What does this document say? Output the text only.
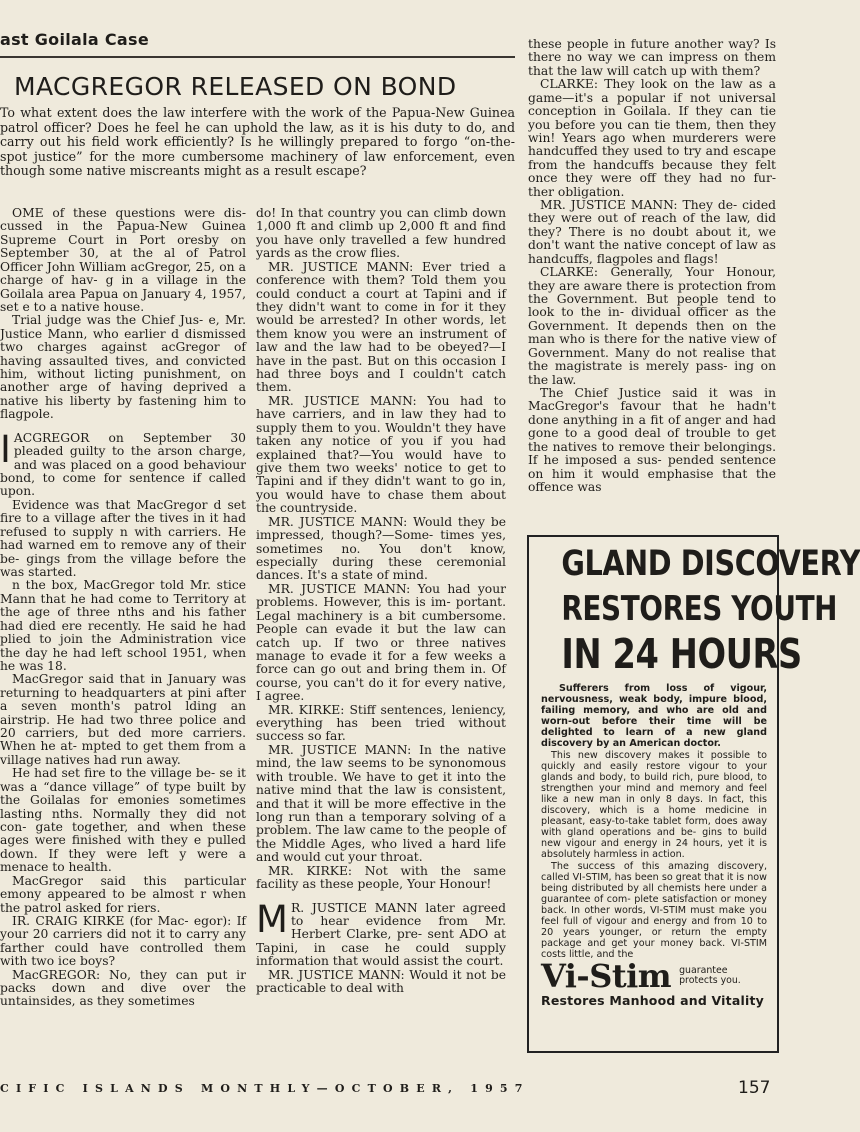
ast Goilala Case
MACGREGOR RELEASED ON BOND
To what extent does the law interfere with the work of the Papua-New Guinea patrol officer? Does he feel he can uphold the law, as it is his duty to do, and carry out his field work efficiently? Is he willingly prepared to forgo “on-the-spot justice” for the more cumbersome machinery of law enforcement, even though some native miscreants might as a result escape?

OME of these questions were dis- cussed in the Papua-New Guinea Supreme Court in Port oresby on September 30, at the al of Patrol Officer John William acGregor, 25, on a charge of hav- g in a village in the Goilala area Papua on January 4, 1957, set e to a native house.

Trial judge was the Chief Jus- e, Mr. Justice Mann, who earlier d dismissed two charges against acGregor of having assaulted tives, and convicted him, without licting punishment, on another arge of having deprived a native his liberty by fastening him to flagpole.

IACGREGOR on September 30 pleaded guilty to the arson charge, and was placed on a good behaviour bond, to come for sentence if called upon.

Evidence was that MacGregor d set fire to a village after the tives in it had refused to supply n with carriers. He had warned em to remove any of their be- gings from the village before the was started.

n the box, MacGregor told Mr. stice Mann that he had come to Territory at the age of three nths and his father had died ere recently. He said he had plied to join the Administration vice the day he had left school 1951, when he was 18.

MacGregor said that in January was returning to headquarters at pini after a seven month's patrol lding an airstrip. He had two three police and 20 carriers, but ded more carriers. When he at- mpted to get them from a village natives had run away.

He had set fire to the village be- se it was a “dance village” of type built by the Goilalas for emonies sometimes lasting nths. Normally they did not con- gate together, and when these ages were finished with they e pulled down. If they were left y were a menace to health.

MacGregor said this particular emony appeared to be almost r when the patrol asked for riers.

IR. CRAIG KIRKE (for Mac- egor): If your 20 carriers did not it to carry any farther could have controlled them with two ice boys?

MacGREGOR: No, they can put ir packs down and dive over the untainsides, as they sometimes

do! In that country you can climb down 1,000 ft and climb up 2,000 ft and find you have only travelled a few hundred yards as the crow flies.

MR. JUSTICE MANN: Ever tried a conference with them? Told them you could conduct a court at Tapini and if they didn't want to come in for it they would be arrested? In other words, let them know you were an instrument of law and the law had to be obeyed?—I have in the past. But on this occasion I had three boys and I couldn't catch them.

MR. JUSTICE MANN: You had to have carriers, and in law they had to supply them to you. Wouldn't they have taken any notice of you if you had explained that?—You would have to give them two weeks' notice to get to Tapini and if they didn't want to go in, you would have to chase them about the countryside.

MR. JUSTICE MANN: Would they be impressed, though?—Some- times yes, sometimes no. You don't know, especially during these ceremonial dances. It's a state of mind.

MR. JUSTICE MANN: You had your problems. However, this is im- portant. Legal machinery is a bit cumbersome. People can evade it but the law can catch up. If two or three natives manage to evade it for a few weeks a force can go out and bring them in. Of course, you can't do it for every native, I agree.

MR. KIRKE: Stiff sentences, leniency, everything has been tried without success so far.

MR. JUSTICE MANN: In the native mind, the law seems to be synonomous with trouble. We have to get it into the native mind that the law is consistent, and that it will be more effective in the long run than a temporary solving of a problem. The law came to the people of the Middle Ages, who lived a hard life and would cut your throat.

MR. KIRKE: Not with the same facility as these people, Your Honour!

M R. JUSTICE MANN later agreed to hear evidence from Mr. Herbert Clarke, pre- sent ADO at Tapini, in case he could supply information that would assist the court.

MR. JUSTICE MANN: Would it not be practicable to deal with

these people in future another way? Is there no way we can impress on them that the law will catch up with them?

CLARKE: They look on the law as a game—it's a popular if not universal conception in Goilala. If they can tie you before you can tie them, then they win! Years ago when murderers were handcuffed they used to try and escape from the handcuffs because they felt once they were off they had no fur- ther obligation.

MR. JUSTICE MANN: They de- cided they were out of reach of the law, did they? There is no doubt about it, we don't want the native concept of law as handcuffs, flagpoles and flags!

CLARKE: Generally, Your Honour, they are aware there is protection from the Government. But people tend to look to the in- dividual officer as the Government. It depends then on the man who is there for the native view of Government. Many do not realise that the magistrate is merely pass- ing on the law.

The Chief Justice said it was in MacGregor's favour that he hadn't done anything in a fit of anger and had gone to a good deal of trouble to get the natives to remove their belongings. If he imposed a sus- pended sentence on him it would emphasise that the offence was

GLAND DISCOVERY
RESTORES YOUTH
IN 24 HOURS

Sufferers from loss of vigour, nervousness, weak body, impure blood, failing memory, and who are old and worn-out before their time will be delighted to learn of a new gland discovery by an American doctor.

This new discovery makes it possible to quickly and easily restore vigour to your glands and body, to build rich, pure blood, to strengthen your mind and memory and feel like a new man in only 8 days. In fact, this discovery, which is a home medicine in pleasant, easy-to-take tablet form, does away with gland operations and be- gins to build new vigour and energy in 24 hours, yet it is absolutely harmless in action.

The success of this amazing discovery, called VI-STIM, has been so great that it is now being distributed by all chemists here under a guarantee of com- plete satisfaction or money back. In other words, VI-STIM must make you feel full of vigour and energy and from 10 to 20 years younger, or return the empty package and get your money back. VI-STIM costs little, and the

Vi-Stim guarantee protects you.
Restores Manhood and Vitality
CIFIC ISLANDS MONTHLY—OCTOBER, 1957	157
